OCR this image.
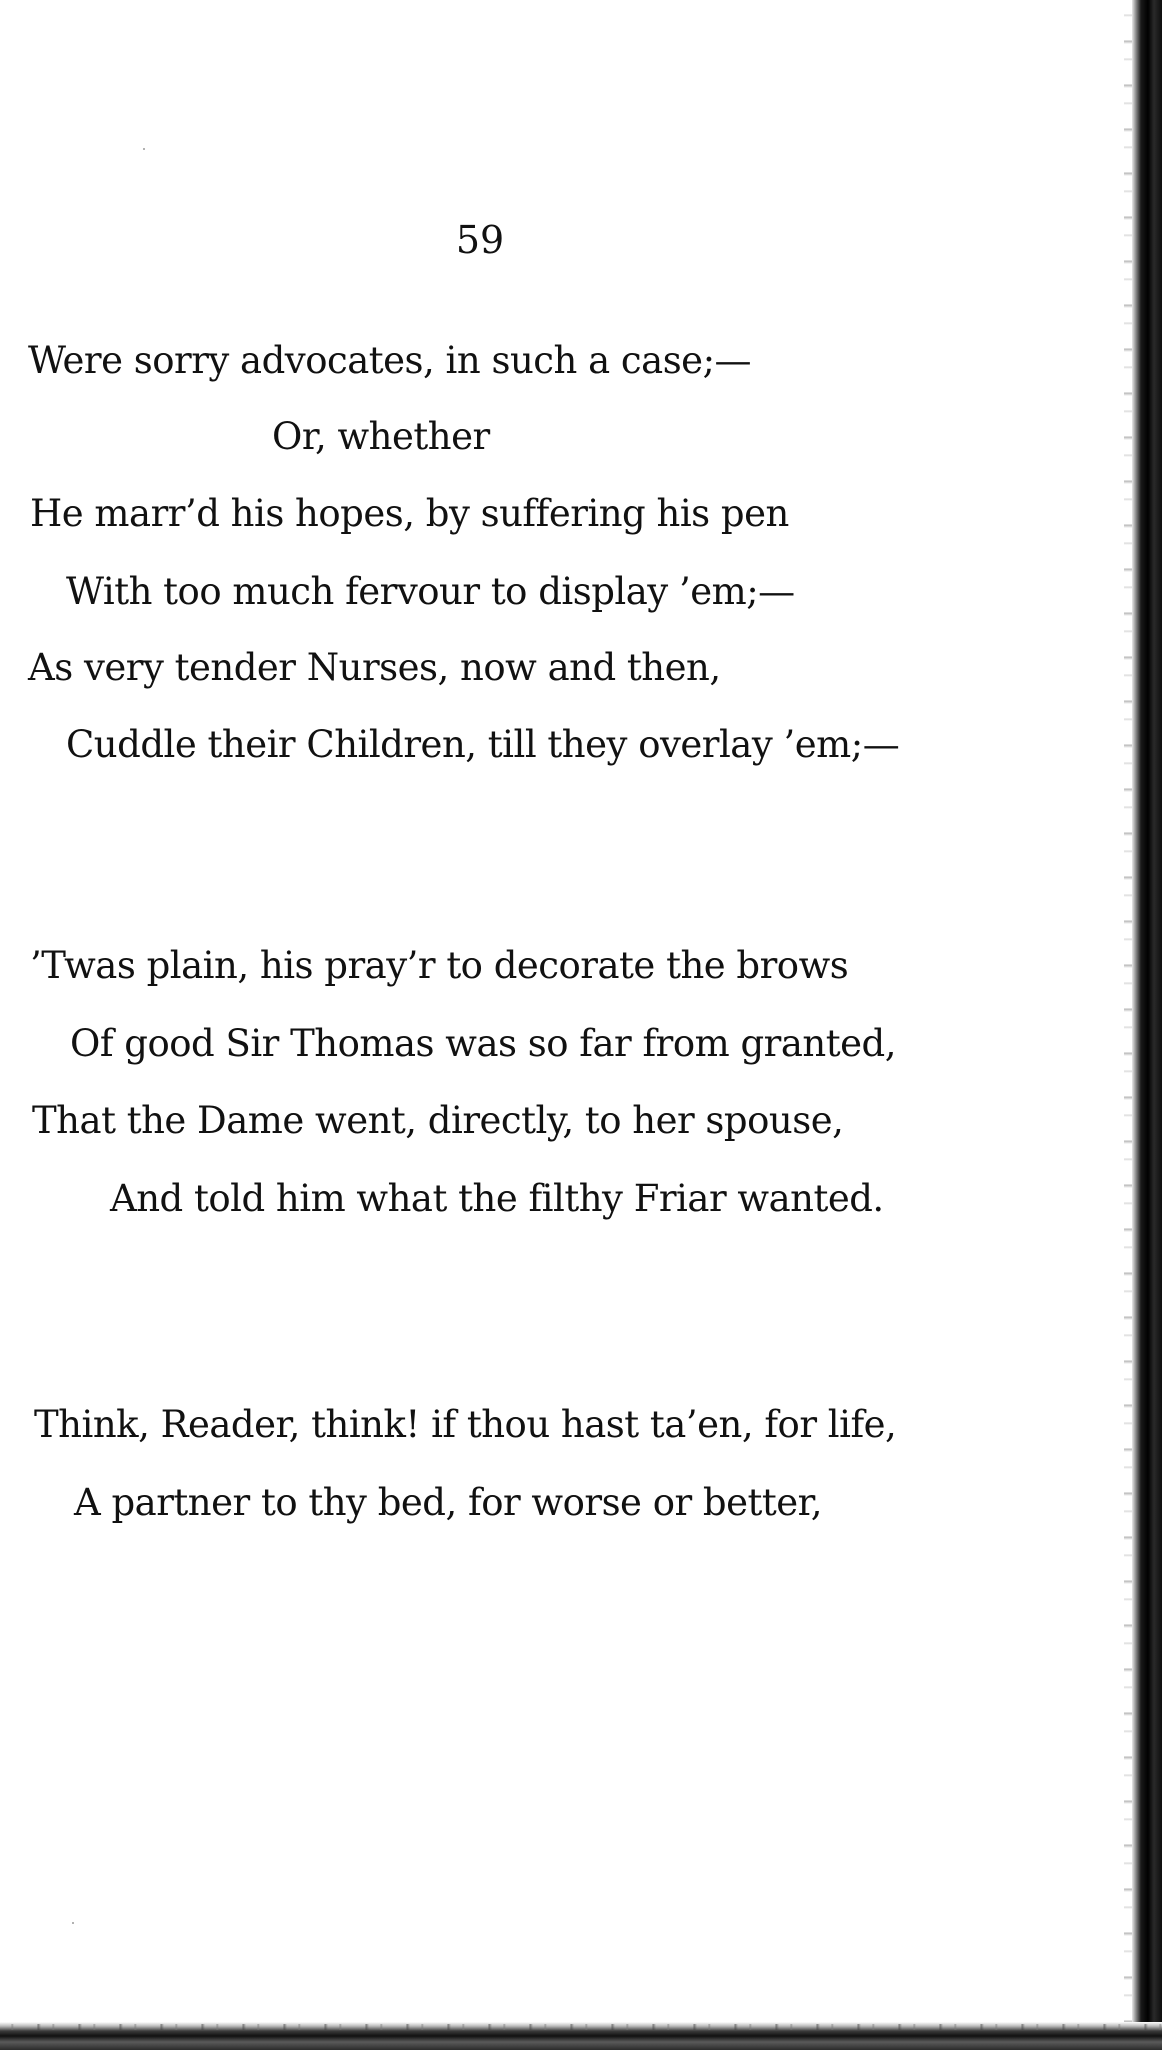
59
Were sorry advocates, in such a case;—
Or, whether
He marr’d his hopes, by suffering his pen
With too much fervour to display ’em;—
As very tender Nurses, now and then,
Cuddle their Children, till they overlay ’em;—
’Twas plain, his pray’r to decorate the brows
Of good Sir Thomas was so far from granted,
That the Dame went, directly, to her spouse,
And told him what the filthy Friar wanted.
Think, Reader, think! if thou hast ta’en, for life,
A partner to thy bed, for worse or better,
